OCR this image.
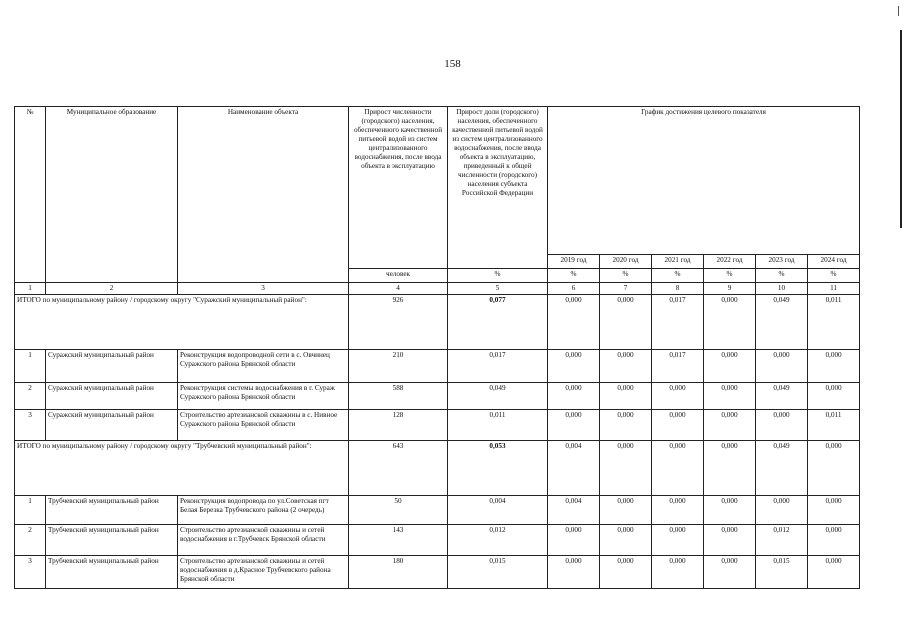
158
№	Муниципальное образование	Наименование объекта	Прирост численности (городского) населения, обеспеченного качественной питьевой водой из систем централизованного водоснабжения, после ввода объекта в эксплуатацию	Прирост доли (городского) населения, обеспеченного качественной питьевой водой из систем централизованного водоснабжения, после ввода объекта в эксплуатацию, приведенный к общей численности (городского) населения субъекта Российской Федерации	График достижения целевого показателя					
					2019 год	2020 год	2021 год	2022 год	2023 год	2024 год
			человек	%	%	%	%	%	%	%
1	2	3	4	5	6	7	8	9	10	11
ИТОГО по муниципальному району / городскому округу "Суражский муниципальный район":			926	0,077	0,000	0,000	0,017	0,000	0,049	0,011
1	Суражский муниципальный район	Реконструкция водопроводной сети в с. Овчинец Суражского района Брянской области	210	0,017	0,000	0,000	0,017	0,000	0,000	0,000
2	Суражский муниципальный район	Реконструкция системы водоснабжения в г. Сураж Суражского района Брянской области	588	0,049	0,000	0,000	0,000	0,000	0,049	0,000
3	Суражский муниципальный район	Строительство артезианской скважины в с. Нивное Суражского района Брянской области	128	0,011	0,000	0,000	0,000	0,000	0,000	0,011
ИТОГО по муниципальному району / городскому округу "Трубчевский муниципальный район":			643	0,053	0,004	0,000	0,000	0,000	0,049	0,000
1	Трубчевский муниципальный район	Реконструкция водопровода по ул.Советская пгт Белая Березка Трубчевского района (2 очередь)	50	0,004	0,004	0,000	0,000	0,000	0,000	0,000
2	Трубчевский муниципальный район	Строительство артезианской скважины и сетей водоснабжения в г.Трубчевск Брянской области	143	0,012	0,000	0,000	0,000	0,000	0,012	0,000
3	Трубчевский муниципальный район	Строительство артезианской скважины и сетей водоснабжения в д.Красное Трубчевского района Брянской области	180	0,015	0,000	0,000	0,000	0,000	0,015	0,000
